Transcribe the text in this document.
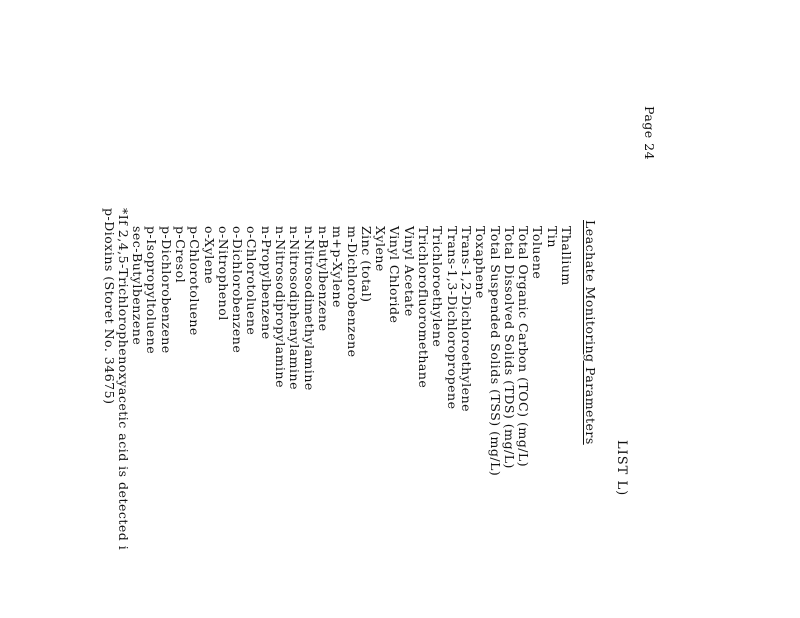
Page 24
LIST L)
Leachate Monitoring Parameters
Thallium
Tin
Toluene
Total Organic Carbon (TOC) (mg/L)
Total Dissolved Solids (TDS) (mg/L)
Total Suspended Solids (TSS) (mg/L)
Toxaphene
Trans-1,2-Dichloroethylene
Trans-1,3-Dichloropropene
Trichloroethylene
Trichlorofluoromethane
Vinyl Acetate
Vinyl Chloride
Xylene
Zinc (total)
m-Dichlorobenzene
m+p-Xylene
n-Butylbenzene
n-Nitrosodimethylamine
n-Nitrosodiphenylamine
n-Nitrosodipropylamine
n-Propylbenzene
o-Chlorotoluene
o-Dichlorobenzene
o-Nitrophenol
o-Xylene
p-Chlorotoluene
p-Cresol
p-Dichlorobenzene
p-Isopropyltoluene
sec-Butylbenzene
*If 2,4,5-Trichlorophenoxyacetic acid is detected i
p-Dioxins (Storet No. 34675)
